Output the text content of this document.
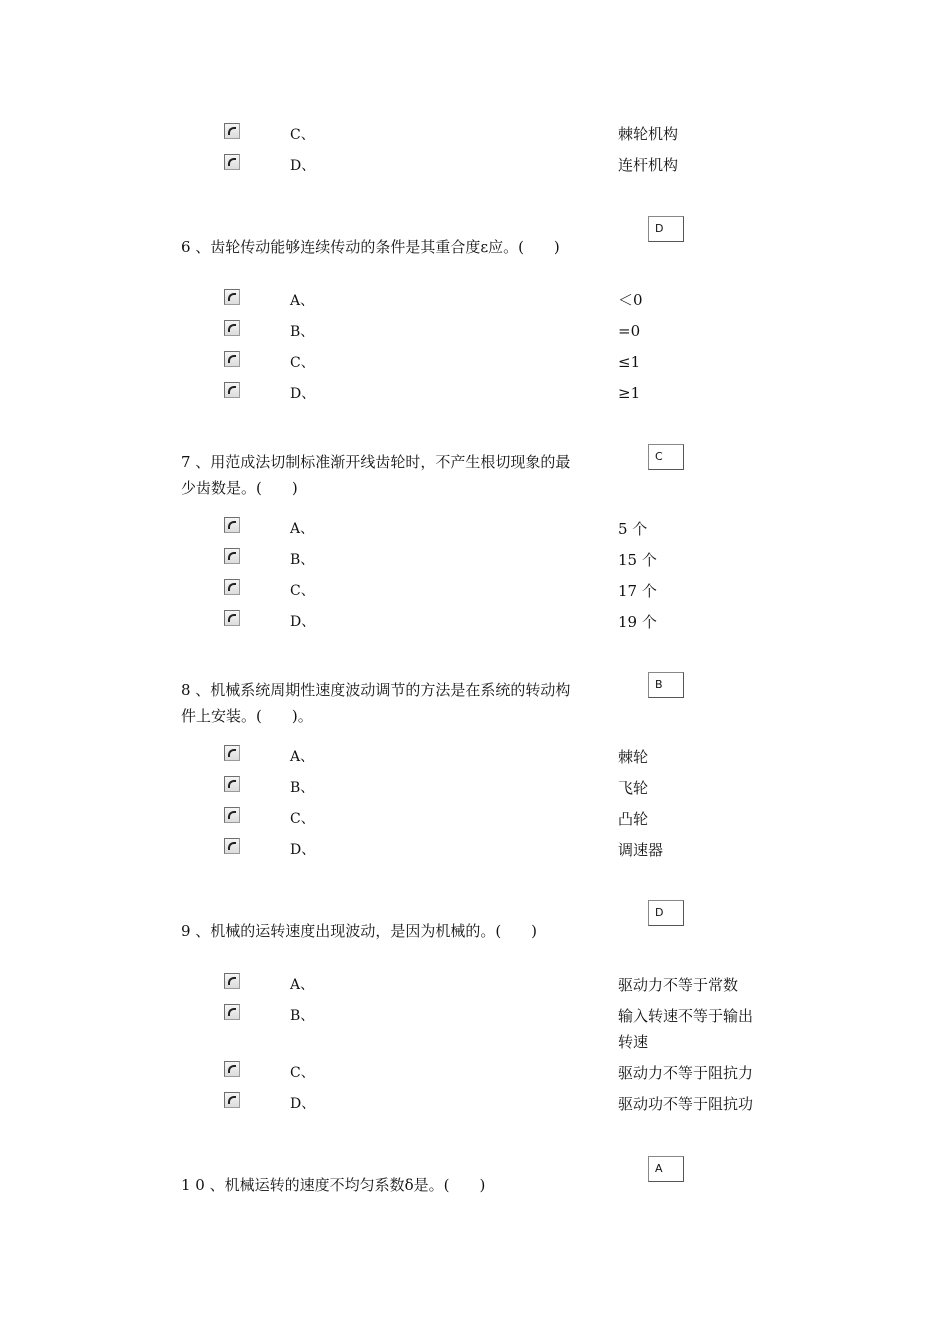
C、	棘轮机构
D、	连杆机构
D
6 、齿轮传动能够连续传动的条件是其重合度ε应。(　　)
A、	＜0
B、	=0
C、	≤1
D、	≥1
C
7 、用范成法切制标准渐开线齿轮时，不产生根切现象的最
少齿数是。(　　)
A、	5 个
B、	15 个
C、	17 个
D、	19 个
B
8 、机械系统周期性速度波动调节的方法是在系统的转动构
件上安装。(　　)。
A、	棘轮
B、	飞轮
C、	凸轮
D、	调速器
D
9 、机械的运转速度出现波动，是因为机械的。(　　)
A、	驱动力不等于常数
B、	输入转速不等于输出
转速
C、	驱动力不等于阻抗力
D、	驱动功不等于阻抗功
A
1 0 、机械运转的速度不均匀系数δ是。(　　)
